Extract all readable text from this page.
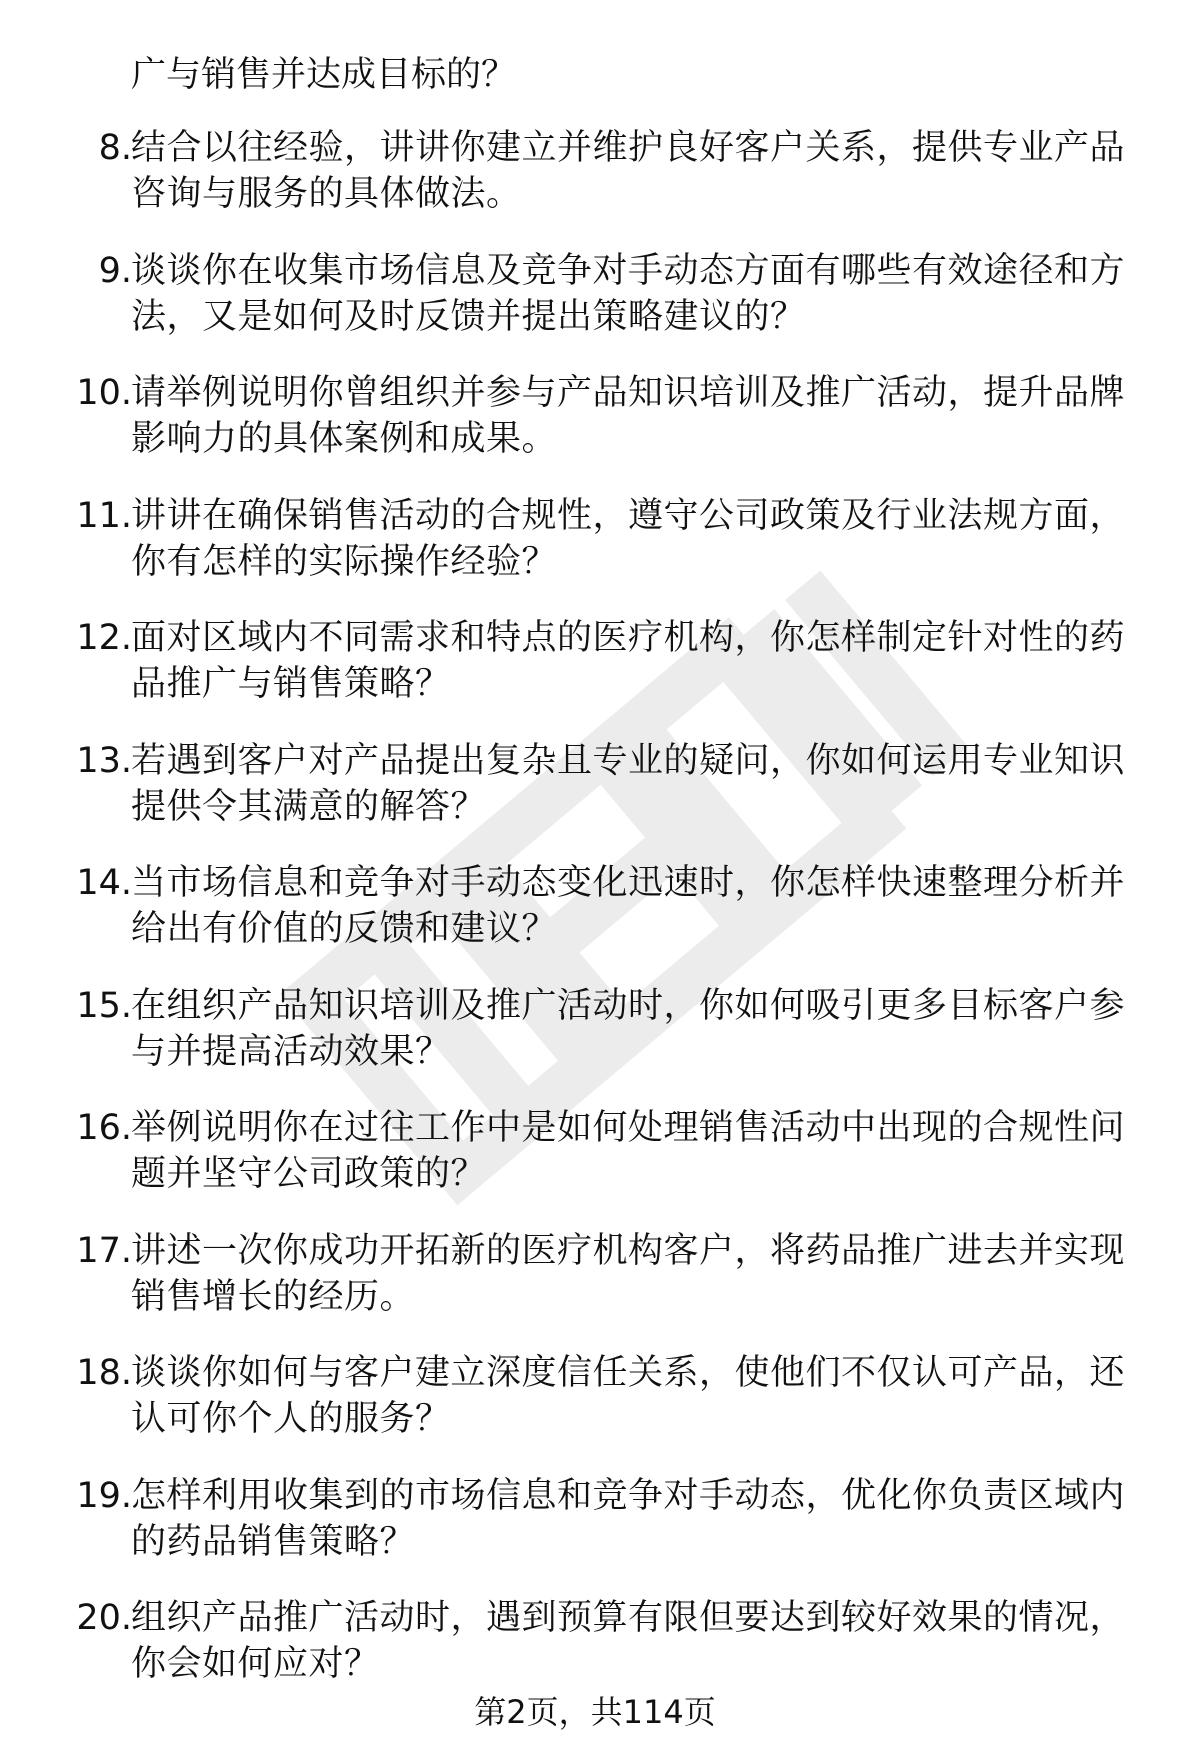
广与销售并达成目标的？

8. 结合以往经验，讲讲你建立并维护良好客户关系，提供专业产品咨询与服务的具体做法。
9. 谈谈你在收集市场信息及竞争对手动态方面有哪些有效途径和方法，又是如何及时反馈并提出策略建议的？
10. 请举例说明你曾组织并参与产品知识培训及推广活动，提升品牌影响力的具体案例和成果。
11. 讲讲在确保销售活动的合规性，遵守公司政策及行业法规方面，你有怎样的实际操作经验？
12. 面对区域内不同需求和特点的医疗机构，你怎样制定针对性的药品推广与销售策略？
13. 若遇到客户对产品提出复杂且专业的疑问，你如何运用专业知识提供令其满意的解答？
14. 当市场信息和竞争对手动态变化迅速时，你怎样快速整理分析并给出有价值的反馈和建议？
15. 在组织产品知识培训及推广活动时，你如何吸引更多目标客户参与并提高活动效果？
16. 举例说明你在过往工作中是如何处理销售活动中出现的合规性问题并坚守公司政策的？
17. 讲述一次你成功开拓新的医疗机构客户，将药品推广进去并实现销售增长的经历。
18. 谈谈你如何与客户建立深度信任关系，使他们不仅认可产品，还认可你个人的服务？
19. 怎样利用收集到的市场信息和竞争对手动态，优化你负责区域内的药品销售策略？
20. 组织产品推广活动时，遇到预算有限但要达到较好效果的情况，你会如何应对？
第2页，共114页
